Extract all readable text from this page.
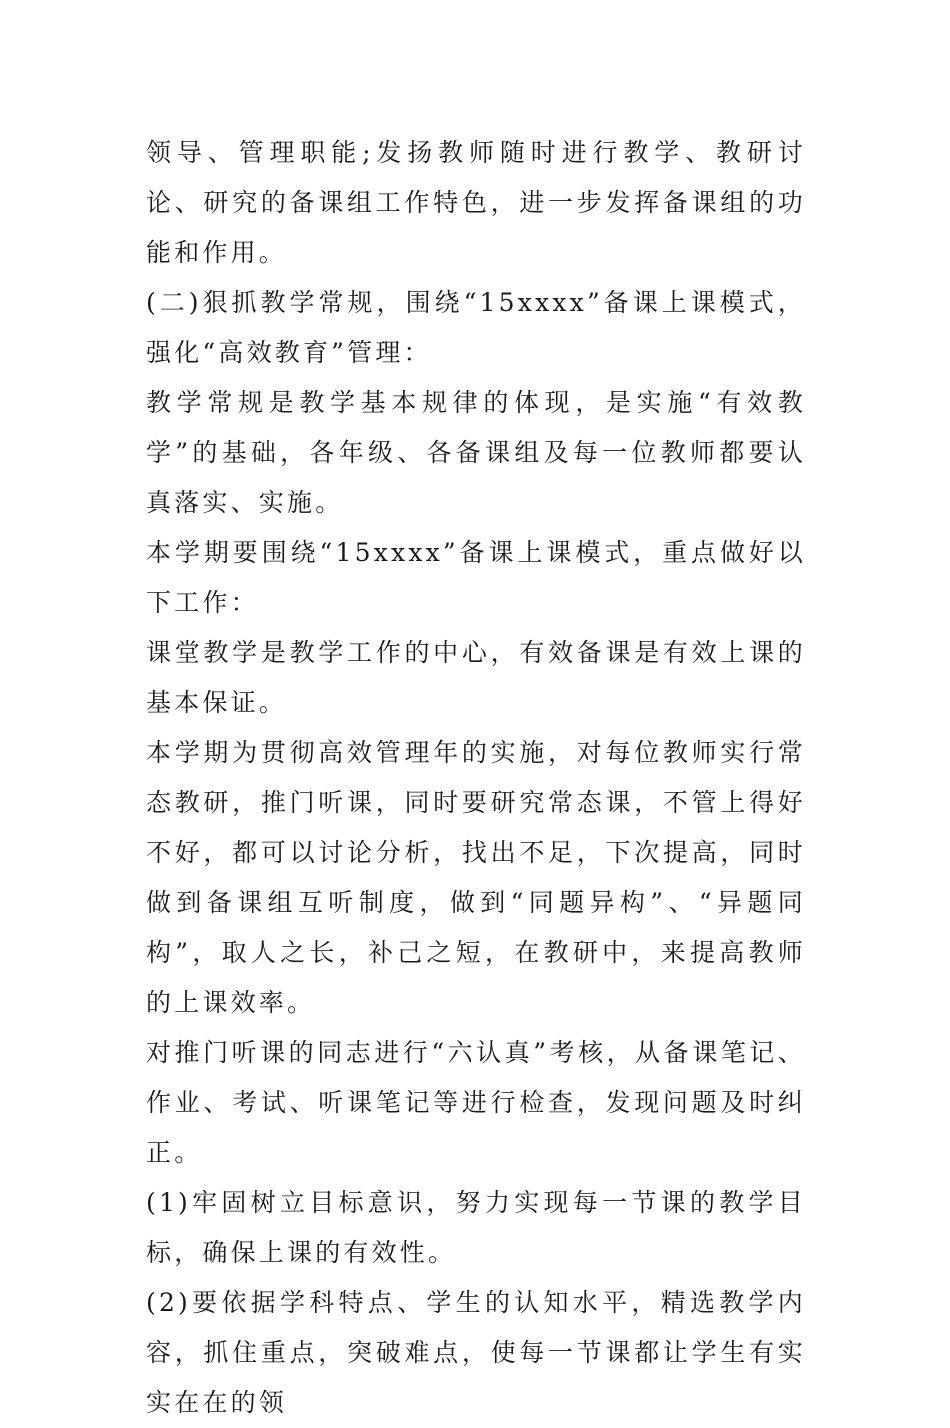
领导、管理职能;发扬教师随时进行教学、教研讨论、研究的备课组工作特色，进一步发挥备课组的功能和作用。

(二)狠抓教学常规，围绕“15xxxx”备课上课模式，强化“高效教育”管理：

教学常规是教学基本规律的体现，是实施“有效教学”的基础，各年级、各备课组及每一位教师都要认真落实、实施。

本学期要围绕“15xxxx”备课上课模式，重点做好以下工作：

课堂教学是教学工作的中心，有效备课是有效上课的基本保证。

本学期为贯彻高效管理年的实施，对每位教师实行常态教研，推门听课，同时要研究常态课，不管上得好不好，都可以讨论分析，找出不足，下次提高，同时做到备课组互听制度，做到“同题异构”、“异题同构”，取人之长，补己之短，在教研中，来提高教师的上课效率。

对推门听课的同志进行“六认真”考核，从备课笔记、作业、考试、听课笔记等进行检查，发现问题及时纠正。

(1)牢固树立目标意识，努力实现每一节课的教学目标，确保上课的有效性。

(2)要依据学科特点、学生的认知水平，精选教学内容，抓住重点，突破难点，使每一节课都让学生有实实在在的领
